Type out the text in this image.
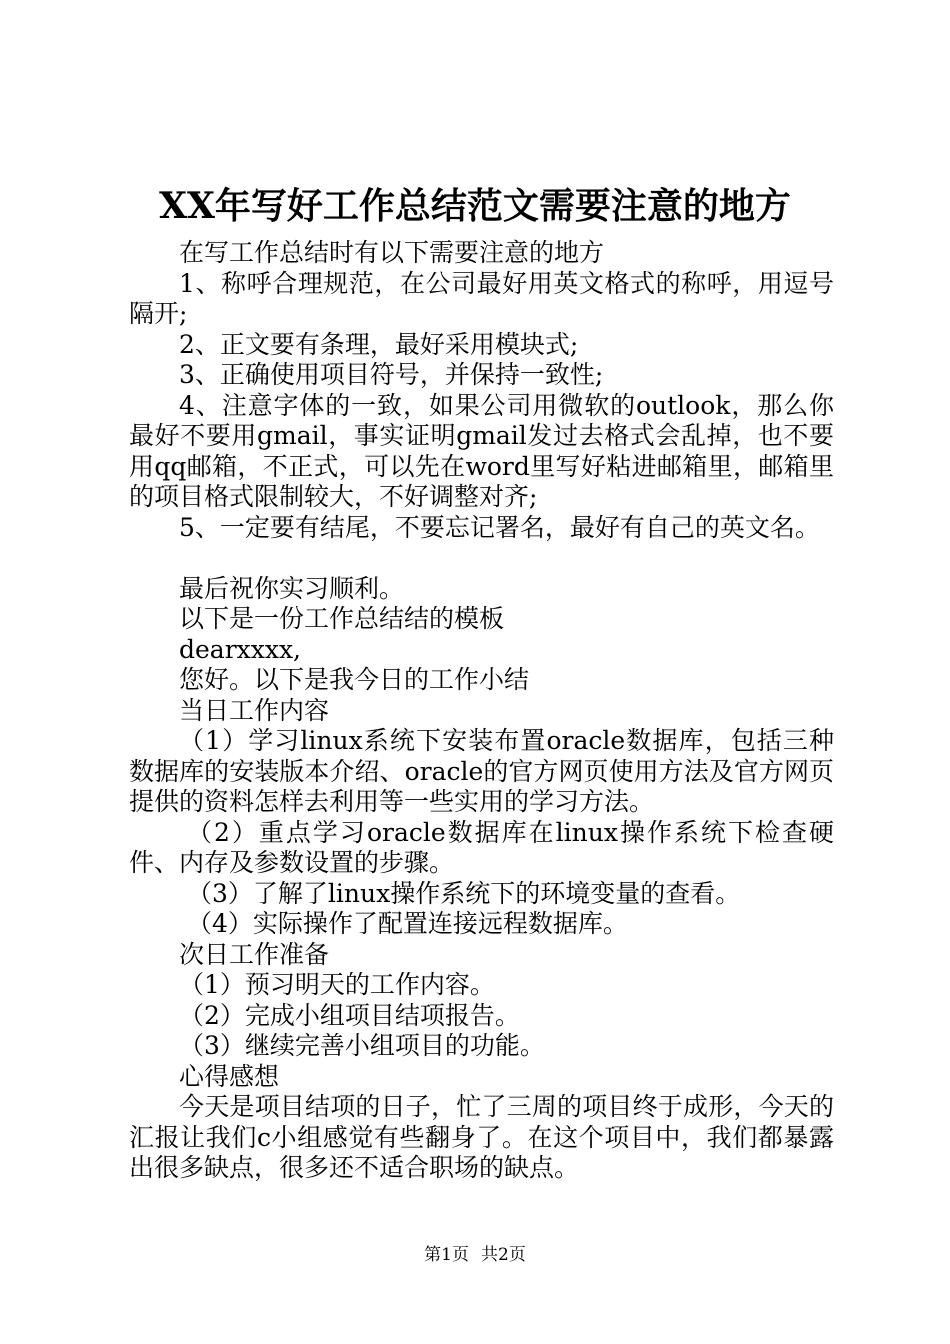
XX年写好工作总结范文需要注意的地方

在写工作总结时有以下需要注意的地方

1、称呼合理规范，在公司最好用英文格式的称呼，用逗号隔开;

2、正文要有条理，最好采用模块式;

3、正确使用项目符号，并保持一致性;

4、注意字体的一致，如果公司用微软的outlook，那么你最好不要用gmail，事实证明gmail发过去格式会乱掉，也不要用qq邮箱，不正式，可以先在word里写好粘进邮箱里，邮箱里的项目格式限制较大，不好调整对齐;

5、一定要有结尾，不要忘记署名，最好有自己的英文名。

最后祝你实习顺利。

以下是一份工作总结结的模板

dearxxxx,

您好。以下是我今日的工作小结

当日工作内容

（1）学习linux系统下安装布置oracle数据库，包括三种数据库的安装版本介绍、oracle的官方网页使用方法及官方网页提供的资料怎样去利用等一些实用的学习方法。

（2）重点学习oracle数据库在linux操作系统下检查硬件、内存及参数设置的步骤。

（3）了解了linux操作系统下的环境变量的查看。

（4）实际操作了配置连接远程数据库。

次日工作准备

（1）预习明天的工作内容。

（2）完成小组项目结项报告。

（3）继续完善小组项目的功能。

心得感想

今天是项目结项的日子，忙了三周的项目终于成形，今天的汇报让我们c小组感觉有些翻身了。在这个项目中，我们都暴露出很多缺点，很多还不适合职场的缺点。

第1页 共2页
